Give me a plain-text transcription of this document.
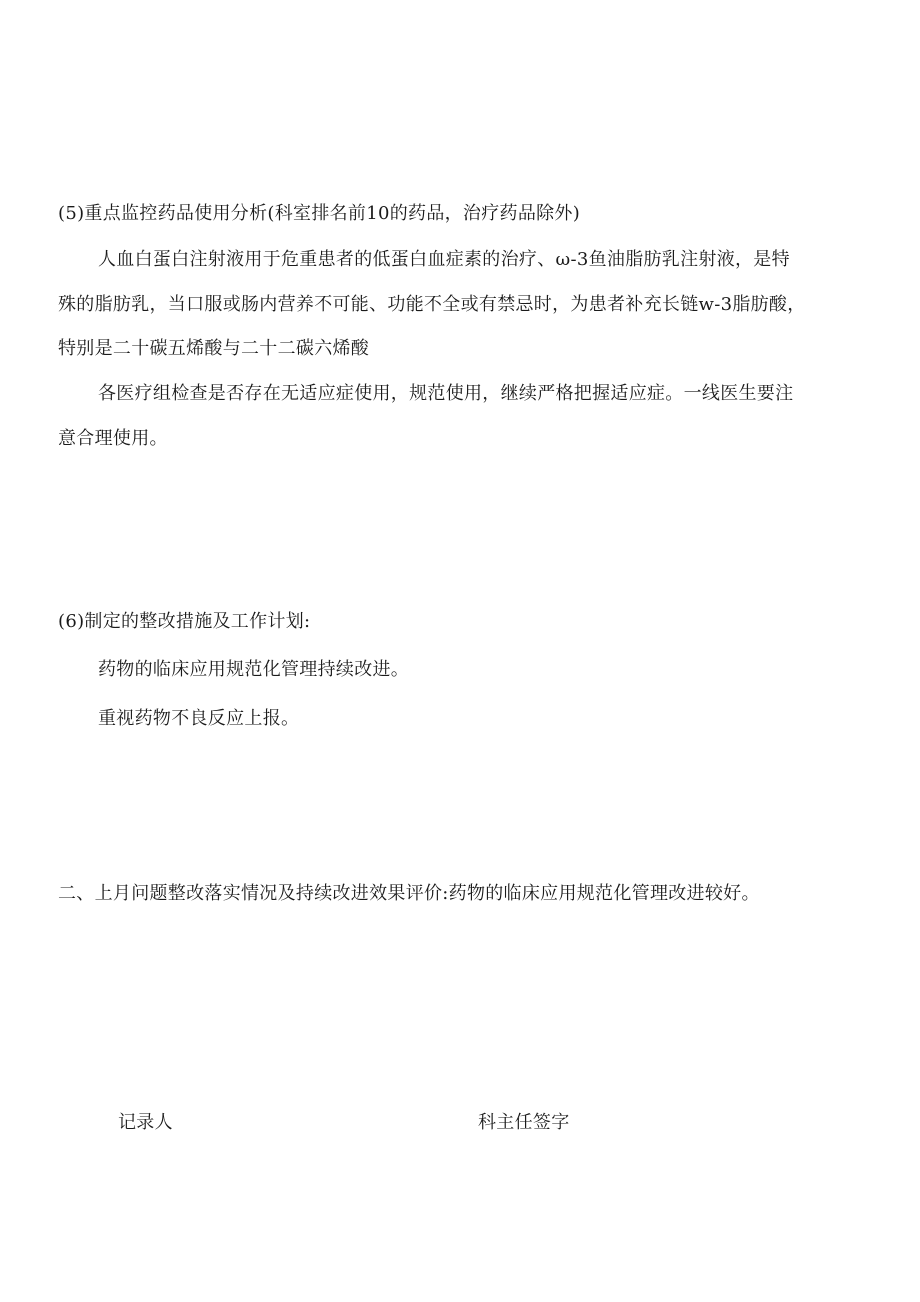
(5)重点监控药品使用分析(科室排名前10的药品，治疗药品除外)
人血白蛋白注射液用于危重患者的低蛋白血症素的治疗、ω-3鱼油脂肪乳注射液，是特
殊的脂肪乳，当口服或肠内营养不可能、功能不全或有禁忌时，为患者补充长链w-3脂肪酸，
特别是二十碳五烯酸与二十二碳六烯酸
各医疗组检查是否存在无适应症使用，规范使用，继续严格把握适应症。一线医生要注
意合理使用。
(6)制定的整改措施及工作计划:
药物的临床应用规范化管理持续改进。
重视药物不良反应上报。
二、上月问题整改落实情况及持续改进效果评价:药物的临床应用规范化管理改进较好。
记录人	科主任签字
